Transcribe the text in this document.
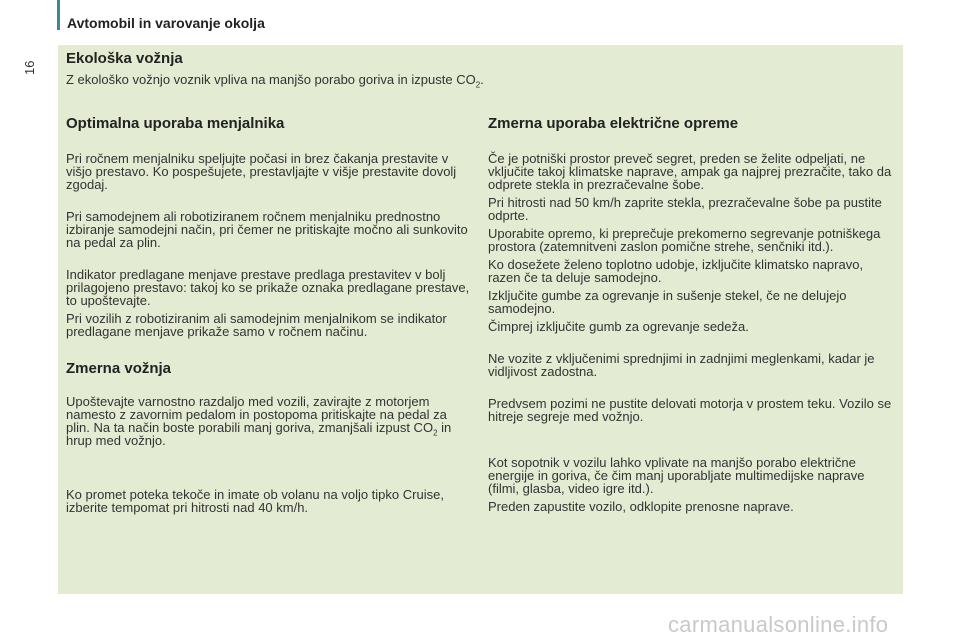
Avtomobil in varovanje okolja
16
Ekološka vožnja
Z ekološko vožnjo voznik vpliva na manjšo porabo goriva in izpuste $CO_2$.
Optimalna uporaba menjalnika

Pri ročnem menjalniku speljujte počasi in brez čakanja prestavite v višjo prestavo. Ko pospešujete, prestavljajte v višje prestavite dovolj zgodaj.

Pri samodejnem ali robotiziranem ročnem menjalniku prednostno izbiranje samodejni način, pri čemer ne pritiskajte močno ali sunkovito na pedal za plin.

Indikator predlagane menjave prestave predlaga prestavitev v bolj prilagojeno prestavo: takoj ko se prikaže oznaka predlagane prestave, to upoštevajte.

Pri vozilih z robotiziranim ali samodejnim menjalnikom se indikator predlagane menjave prikaže samo v ročnem načinu.

Zmerna vožnja

Upoštevajte varnostno razdaljo med vozili, zavirajte z motorjem namesto z zavornim pedalom in postopoma pritiskajte na pedal za plin. Na ta način boste porabili manj goriva, zmanjšali izpust $CO_2$ in hrup med vožnjo.

Ko promet poteka tekoče in imate ob volanu na voljo tipko Cruise, izberite tempomat pri hitrosti nad 40 km/h.

Zmerna uporaba električne opreme

Če je potniški prostor preveč segret, preden se želite odpeljati, ne vključite takoj klimatske naprave, ampak ga najprej prezračite, tako da odprete stekla in prezračevalne šobe.

Pri hitrosti nad 50 km/h zaprite stekla, prezračevalne šobe pa pustite odprte.

Uporabite opremo, ki preprečuje prekomerno segrevanje potniškega prostora (zatemnitveni zaslon pomične strehe, senčniki itd.).

Ko dosežete želeno toplotno udobje, izključite klimatsko napravo, razen če ta deluje samodejno.

Izključite gumbe za ogrevanje in sušenje stekel, če ne delujejo samodejno.

Čimprej izključite gumb za ogrevanje sedeža.

Ne vozite z vključenimi sprednjimi in zadnjimi meglenkami, kadar je vidljivost zadostna.

Predvsem pozimi ne pustite delovati motorja v prostem teku. Vozilo se hitreje segreje med vožnjo.

Kot sopotnik v vozilu lahko vplivate na manjšo porabo električne energije in goriva, če čim manj uporabljate multimedijske naprave (filmi, glasba, video igre itd.).

Preden zapustite vozilo, odklopite prenosne naprave.

carmanualsonline.info
